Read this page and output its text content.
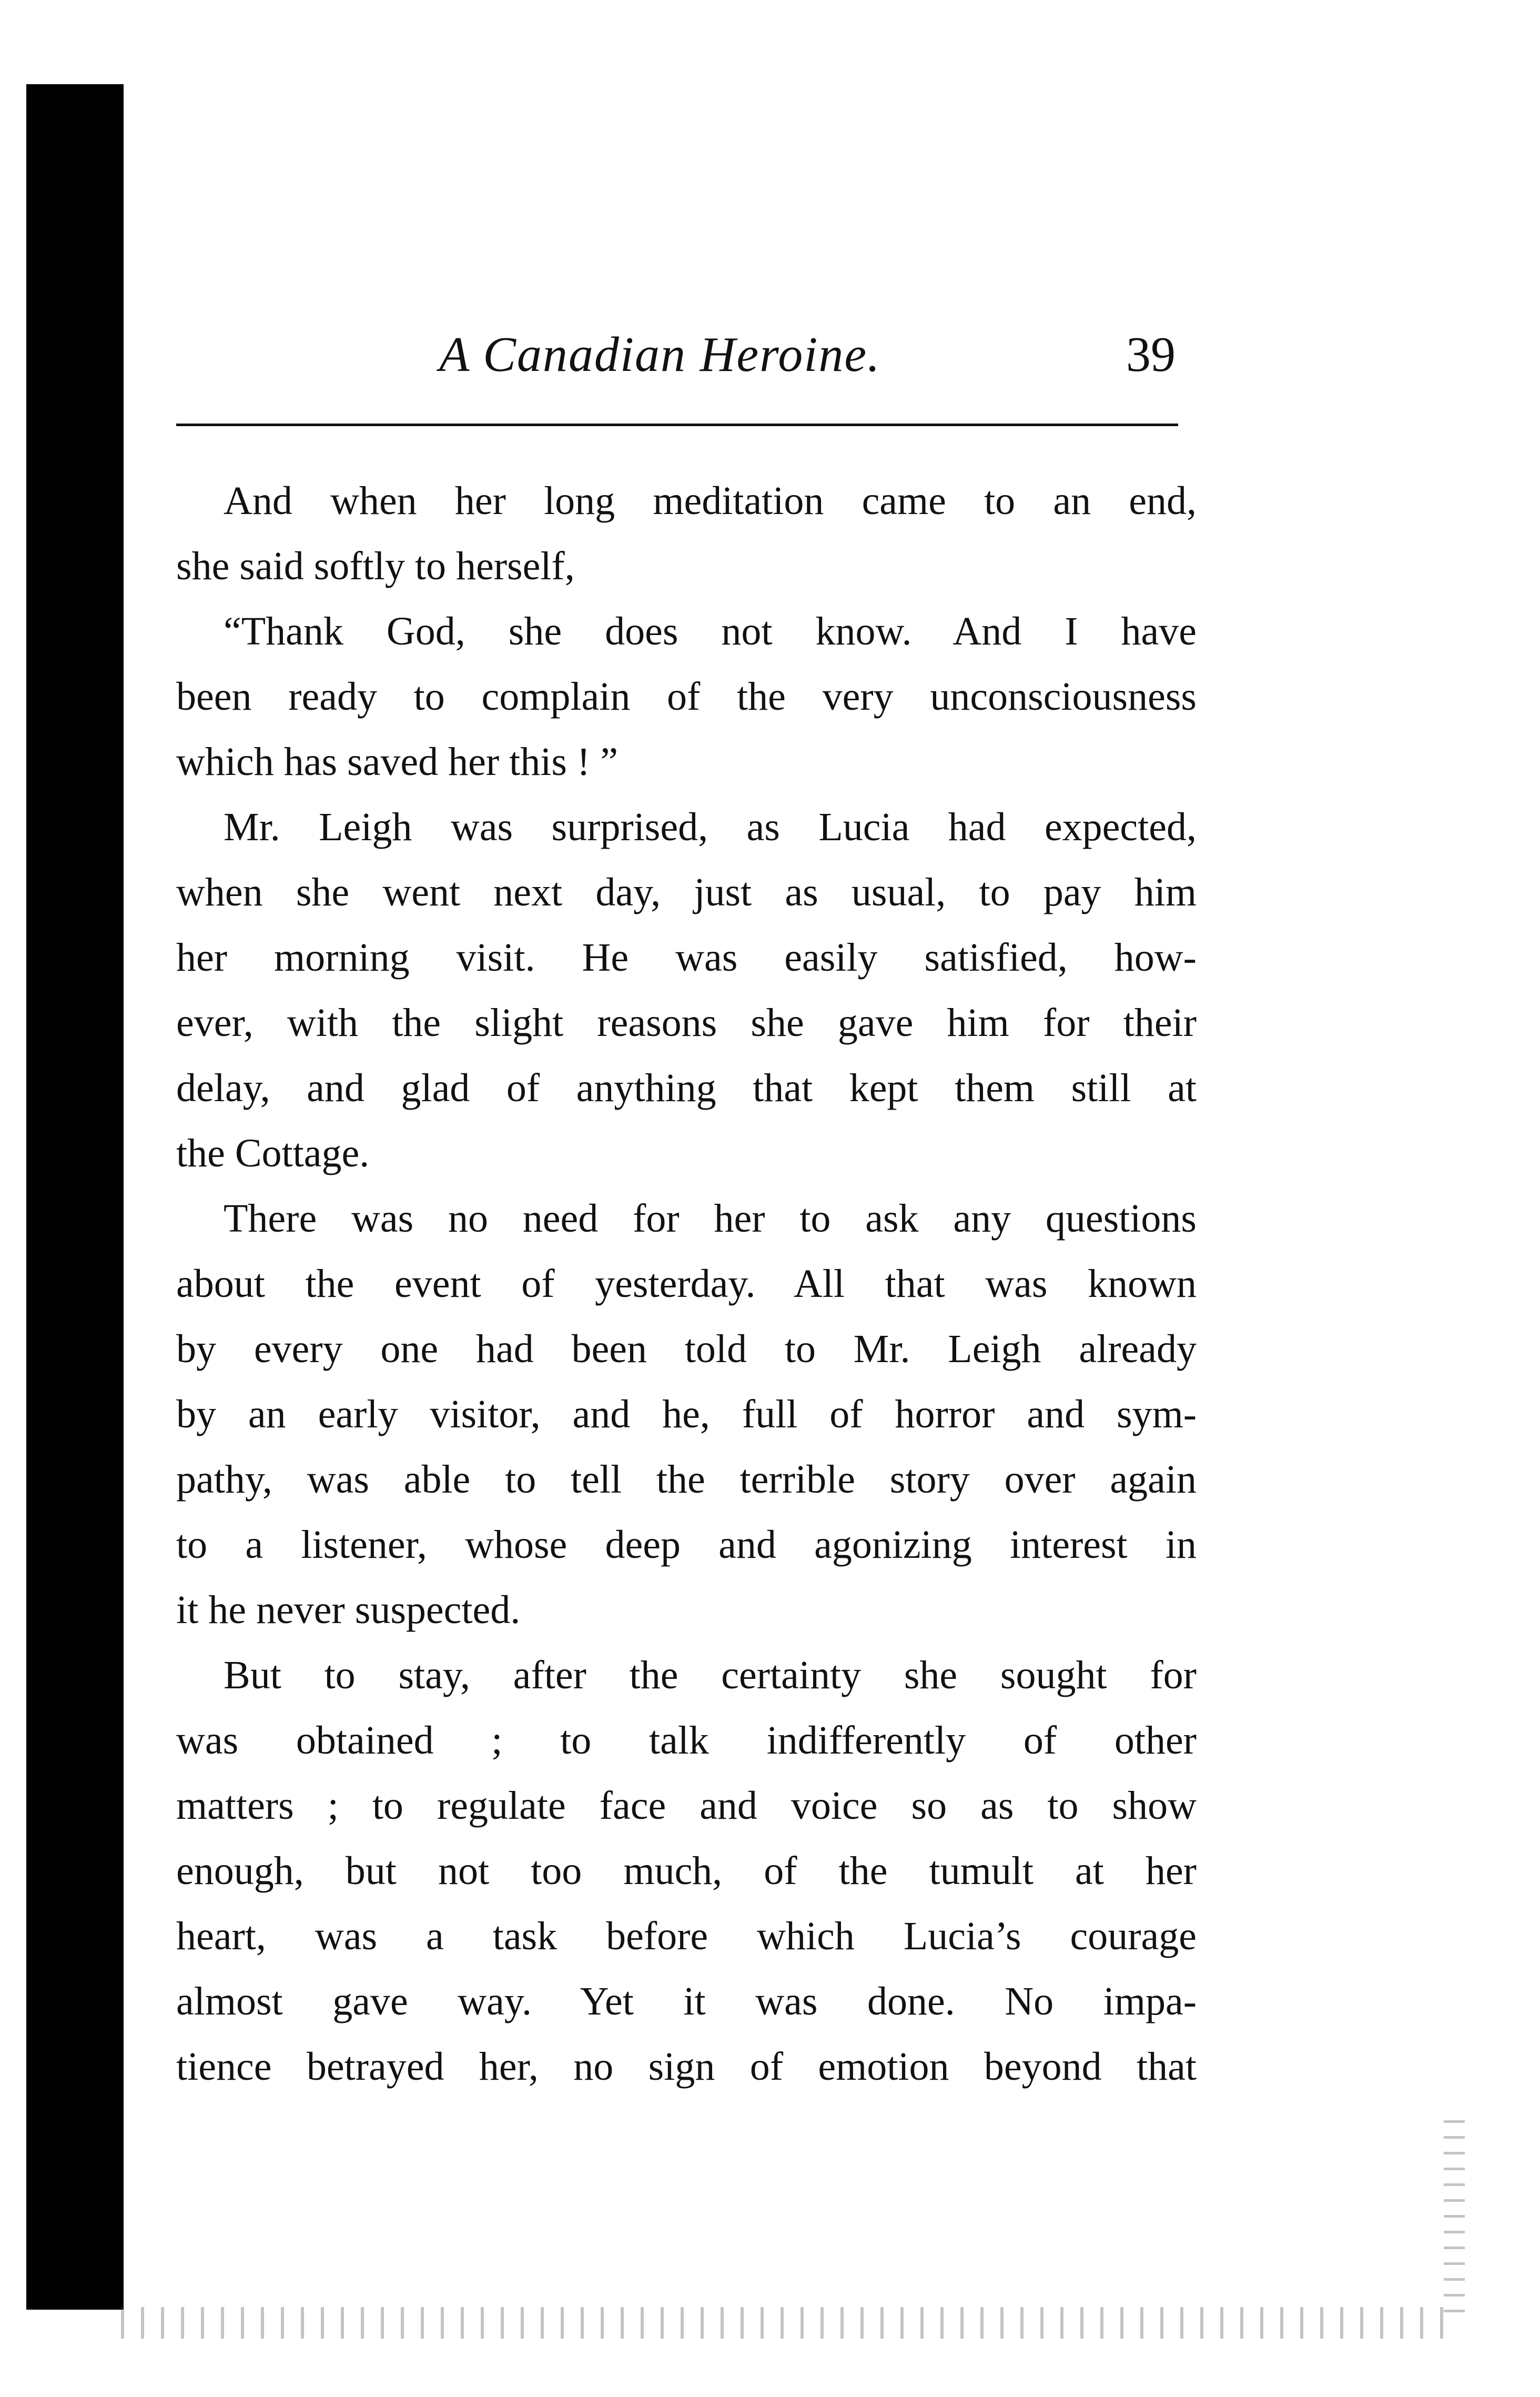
A Canadian Heroine.	39
And when her long meditation came to an end,
she said softly to herself,
“Thank God, she does not know. And I have
been ready to complain of the very unconsciousness
which has saved her this ! ”
Mr. Leigh was surprised, as Lucia had expected,
when she went next day, just as usual, to pay him
her morning visit. He was easily satisfied, how-
ever, with the slight reasons she gave him for their
delay, and glad of anything that kept them still at
the Cottage.
There was no need for her to ask any questions
about the event of yesterday. All that was known
by every one had been told to Mr. Leigh already
by an early visitor, and he, full of horror and sym-
pathy, was able to tell the terrible story over again
to a listener, whose deep and agonizing interest in
it he never suspected.
But to stay, after the certainty she sought for
was obtained ; to talk indifferently of other
matters ; to regulate face and voice so as to show
enough, but not too much, of the tumult at her
heart, was a task before which Lucia’s courage
almost gave way. Yet it was done. No impa-
tience betrayed her, no sign of emotion beyond that
